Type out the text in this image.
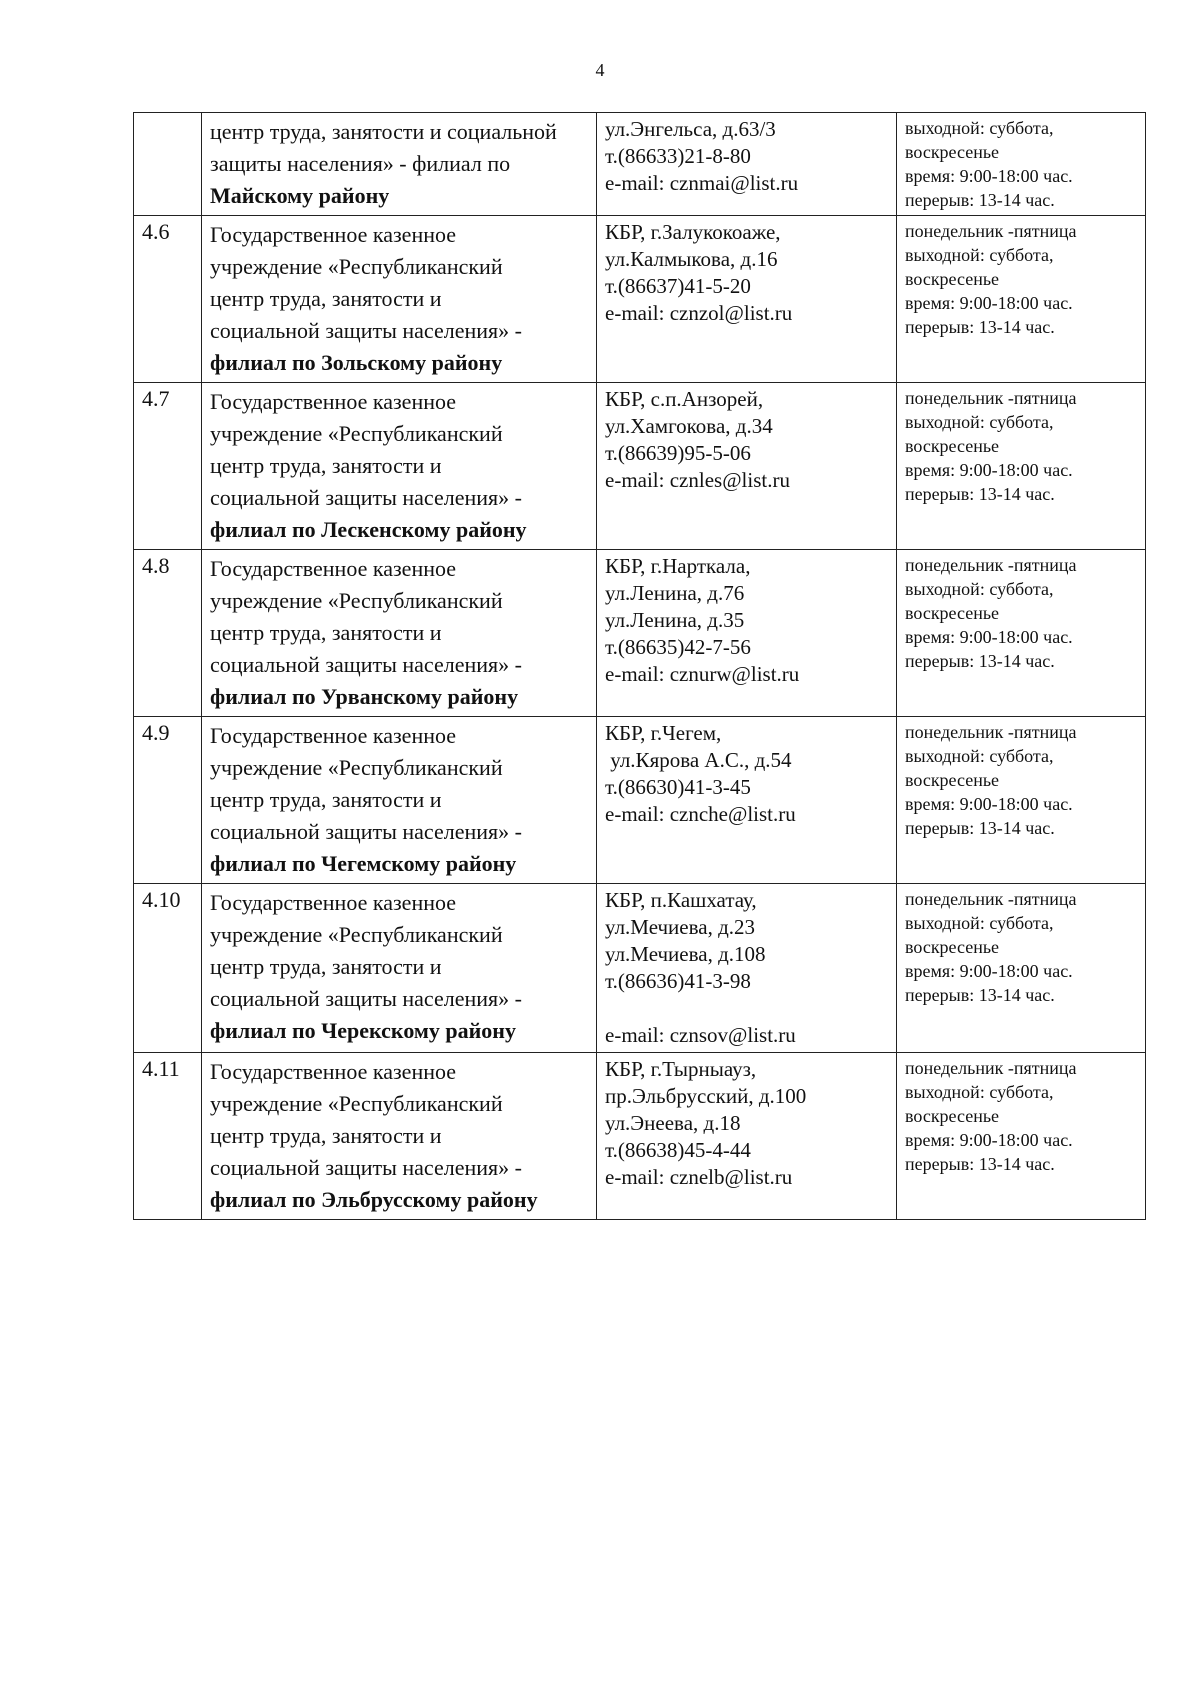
4

	центр труда, занятости и социальной
защиты населения» - филиал по
Майскому району	ул.Энгельса, д.63/3
т.(86633)21-8-80
e-mail: cznmai@list.ru	выходной: суббота,
воскресенье
время: 9:00-18:00 час.
перерыв: 13-14 час.

4.6	Государственное казенное
учреждение «Республиканский
центр труда, занятости и
социальной защиты населения» -
филиал по Зольскому району	КБР, г.Залукокоаже,
ул.Калмыкова, д.16
т.(86637)41-5-20
e-mail: cznzol@list.ru	понедельник -пятница
выходной: суббота,
воскресенье
время: 9:00-18:00 час.
перерыв: 13-14 час.

4.7	Государственное казенное
учреждение «Республиканский
центр труда, занятости и
социальной защиты населения» -
филиал по Лескенскому району	КБР, с.п.Анзорей,
ул.Хамгокова, д.34
т.(86639)95-5-06
e-mail: cznles@list.ru	понедельник -пятница
выходной: суббота,
воскресенье
время: 9:00-18:00 час.
перерыв: 13-14 час.

4.8	Государственное казенное
учреждение «Республиканский
центр труда, занятости и
социальной защиты населения» -
филиал по Урванскому району	КБР, г.Нарткала,
ул.Ленина, д.76
ул.Ленина, д.35
т.(86635)42-7-56
e-mail: cznurw@list.ru	понедельник -пятница
выходной: суббота,
воскресенье
время: 9:00-18:00 час.
перерыв: 13-14 час.

4.9	Государственное казенное
учреждение «Республиканский
центр труда, занятости и
социальной защиты населения» -
филиал по Чегемскому району	КБР, г.Чегем,
ул.Кярова А.С., д.54
т.(86630)41-3-45
e-mail: cznche@list.ru	понедельник -пятница
выходной: суббота,
воскресенье
время: 9:00-18:00 час.
перерыв: 13-14 час.

4.10	Государственное казенное
учреждение «Республиканский
центр труда, занятости и
социальной защиты населения» -
филиал по Черекскому району	КБР, п.Кашхатау,
ул.Мечиева, д.23
ул.Мечиева, д.108
т.(86636)41-3-98
e-mail: cznsov@list.ru	понедельник -пятница
выходной: суббота,
воскресенье
время: 9:00-18:00 час.
перерыв: 13-14 час.

4.11	Государственное казенное
учреждение «Республиканский
центр труда, занятости и
социальной защиты населения» -
филиал по Эльбрусскому району	КБР, г.Тырныауз,
пр.Эльбрусский, д.100
ул.Энеева, д.18
т.(86638)45-4-44
e-mail: cznelb@list.ru	понедельник -пятница
выходной: суббота,
воскресенье
время: 9:00-18:00 час.
перерыв: 13-14 час.
